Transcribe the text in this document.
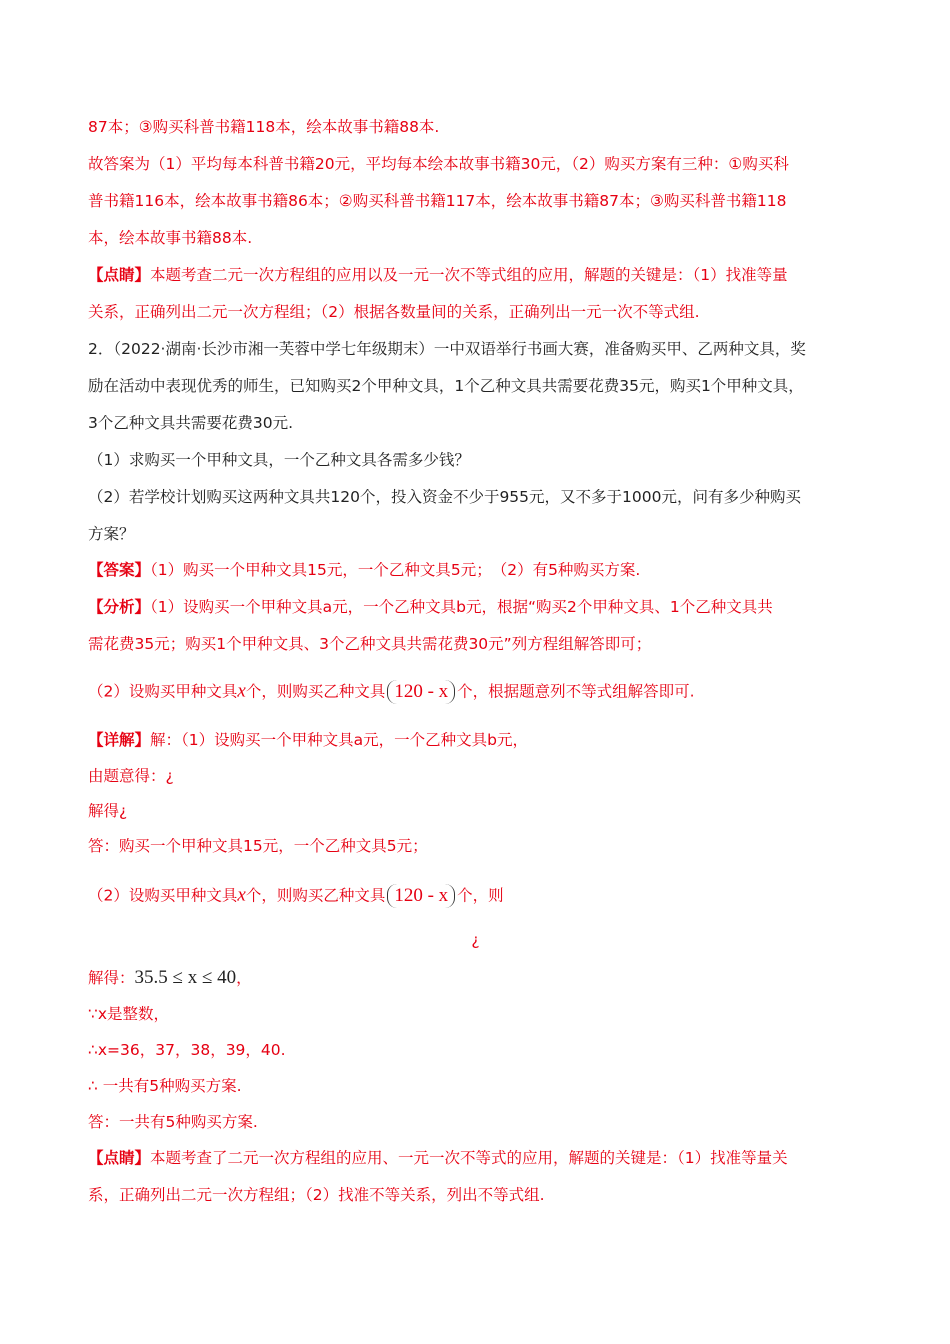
87本；③购买科普书籍118本，绘本故事书籍88本.
故答案为（1）平均每本科普书籍20元，平均每本绘本故事书籍30元，（2）购买方案有三种：①购买科
普书籍116本，绘本故事书籍86本；②购买科普书籍117本，绘本故事书籍87本；③购买科普书籍118
本，绘本故事书籍88本.
【点睛】本题考查二元一次方程组的应用以及一元一次不等式组的应用，解题的关键是：（1）找准等量
关系，正确列出二元一次方程组；（2）根据各数量间的关系，正确列出一元一次不等式组.
2．（2022·湖南·长沙市湘一芙蓉中学七年级期末）一中双语举行书画大赛，准备购买甲、乙两种文具，奖
励在活动中表现优秀的师生，已知购买2个甲种文具，1个乙种文具共需要花费35元，购买1个甲种文具，
3个乙种文具共需要花费30元.
（1）求购买一个甲种文具，一个乙种文具各需多少钱？
（2）若学校计划购买这两种文具共120个，投入资金不少于955元，又不多于1000元，问有多少种购买
方案？
【答案】（1）购买一个甲种文具15元，一个乙种文具5元；　（2）有5种购买方案.
【分析】（1）设购买一个甲种文具a元，一个乙种文具b元，根据“购买2个甲种文具、1个乙种文具共
需花费35元；购买1个甲种文具、3个乙种文具共需花费30元”列方程组解答即可；
（2）设购买甲种文具x个，则购买乙种文具 120 - x 个，根据题意列不等式组解答即可.
【详解】解：（1）设购买一个甲种文具a元，一个乙种文具b元，
由题意得：¿
解得¿
答：购买一个甲种文具15元，一个乙种文具5元；
（2）设购买甲种文具x个，则购买乙种文具 120 - x 个，则
¿
解得：35.5 ≤ x ≤ 40，
∵x是整数，
∴x=36，37，38，39，40.
∴ 一共有5种购买方案.
答：一共有5种购买方案.
【点睛】本题考查了二元一次方程组的应用、一元一次不等式的应用，解题的关键是：（1）找准等量关
系，正确列出二元一次方程组；（2）找准不等关系，列出不等式组.
